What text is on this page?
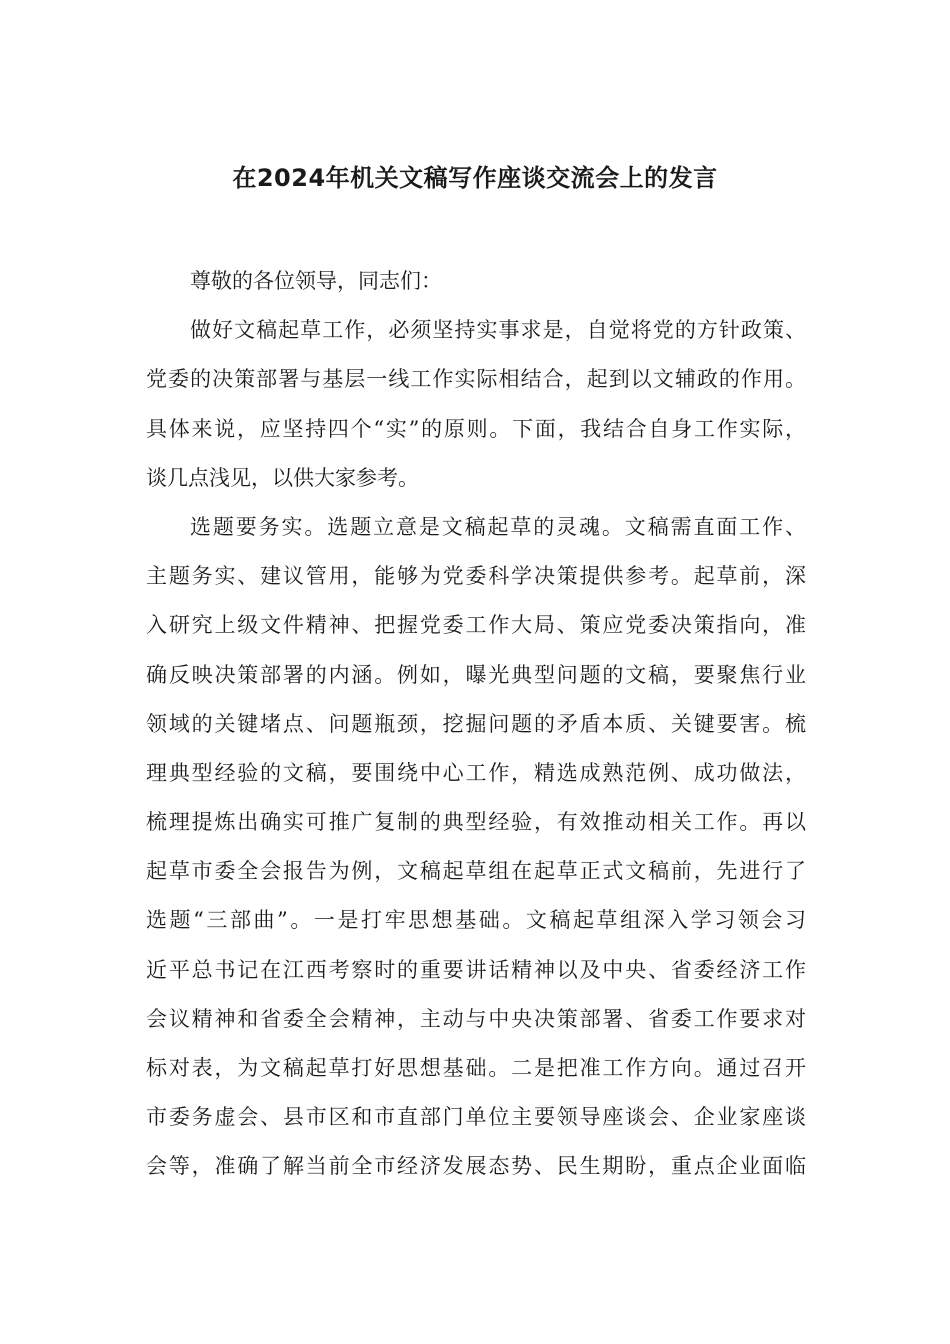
在2024年机关文稿写作座谈交流会上的发言
尊敬的各位领导，同志们：
做好文稿起草工作，必须坚持实事求是，自觉将党的方针政策、
党委的决策部署与基层一线工作实际相结合，起到以文辅政的作用。
具体来说，应坚持四个“实”的原则。下面，我结合自身工作实际，
谈几点浅见，以供大家参考。
选题要务实。选题立意是文稿起草的灵魂。文稿需直面工作、
主题务实、建议管用，能够为党委科学决策提供参考。起草前，深
入研究上级文件精神、把握党委工作大局、策应党委决策指向，准
确反映决策部署的内涵。例如，曝光典型问题的文稿，要聚焦行业
领域的关键堵点、问题瓶颈，挖掘问题的矛盾本质、关键要害。梳
理典型经验的文稿，要围绕中心工作，精选成熟范例、成功做法，
梳理提炼出确实可推广复制的典型经验，有效推动相关工作。再以
起草市委全会报告为例，文稿起草组在起草正式文稿前，先进行了
选题“三部曲”。一是打牢思想基础。文稿起草组深入学习领会习
近平总书记在江西考察时的重要讲话精神以及中央、省委经济工作
会议精神和省委全会精神，主动与中央决策部署、省委工作要求对
标对表，为文稿起草打好思想基础。二是把准工作方向。通过召开
市委务虚会、县市区和市直部门单位主要领导座谈会、企业家座谈
会等，准确了解当前全市经济发展态势、民生期盼，重点企业面临
